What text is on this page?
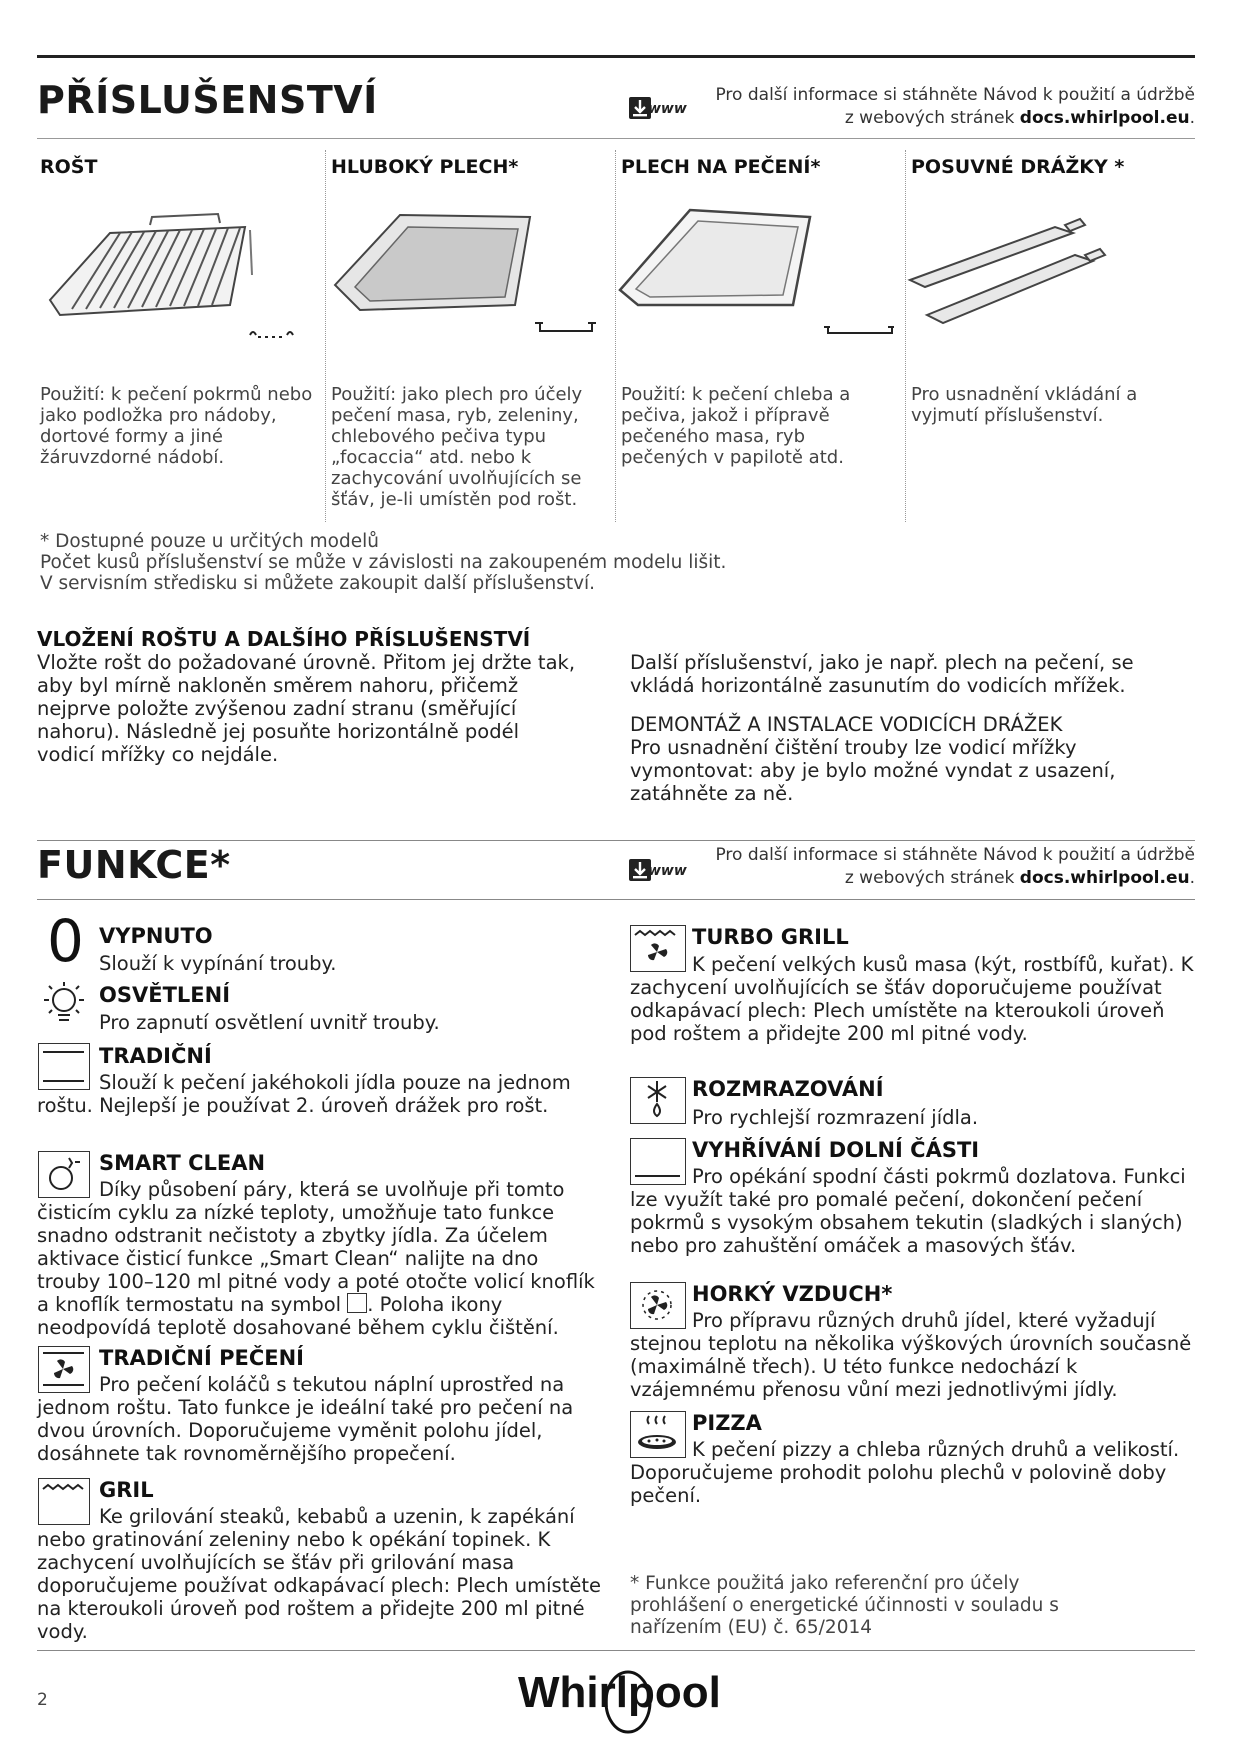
PŘÍSLUŠENSTVÍ	www
Pro další informace si stáhněte Návod k použití a údržbě
z webových stránek docs.whirlpool.eu.
ROŠT	HLUBOKÝ PLECH*	PLECH NA PEČENÍ*	POSUVNÉ DRÁŽKY *
Použití: k pečení pokrmů nebo jako podložka pro nádoby, dortové formy a jiné žáruvzdorné nádobí.
Použití: jako plech pro účely pečení masa, ryb, zeleniny, chlebového pečiva typu „focaccia“ atd. nebo k zachycování uvolňujících se šťáv, je-li umístěn pod rošt.
Použití: k pečení chleba a pečiva, jakož i přípravě pečeného masa, ryb pečených v papilotě atd.
Pro usnadnění vkládání a vyjmutí příslušenství.
* Dostupné pouze u určitých modelů
Počet kusů příslušenství se může v závislosti na zakoupeném modelu lišit.
V servisním středisku si můžete zakoupit další příslušenství.
VLOŽENÍ ROŠTU A DALŠÍHO PŘÍSLUŠENSTVÍ
Vložte rošt do požadované úrovně. Přitom jej držte tak, aby byl mírně nakloněn směrem nahoru, přičemž nejprve položte zvýšenou zadní stranu (směřující nahoru). Následně jej posuňte horizontálně podél vodicí mřížky co nejdále.
Další příslušenství, jako je např. plech na pečení, se vkládá horizontálně zasunutím do vodicích mřížek.
DEMONTÁŽ A INSTALACE VODICÍCH DRÁŽEK
Pro usnadnění čištění trouby lze vodicí mřížky vymontovat: aby je bylo možné vyndat z usazení, zatáhněte za ně.
FUNKCE*	www
Pro další informace si stáhněte Návod k použití a údržbě
z webových stránek docs.whirlpool.eu.
0 VYPNUTO
Slouží k vypínání trouby.
OSVĚTLENÍ
Pro zapnutí osvětlení uvnitř trouby.
TRADIČNÍ
Slouží k pečení jakéhokoli jídla pouze na jednom roštu. Nejlepší je používat 2. úroveň drážek pro rošt.
SMART CLEAN
Díky působení páry, která se uvolňuje při tomto čisticím cyklu za nízké teploty, umožňuje tato funkce snadno odstranit nečistoty a zbytky jídla. Za účelem aktivace čisticí funkce „Smart Clean“ nalijte na dno trouby 100–120 ml pitné vody a poté otočte volicí knoflík a knoflík termostatu na symbol . Poloha ikony neodpovídá teplotě dosahované během cyklu čištění.
TRADIČNÍ PEČENÍ
Pro pečení koláčů s tekutou náplní uprostřed na jednom roštu. Tato funkce je ideální také pro pečení na dvou úrovních. Doporučujeme vyměnit polohu jídel, dosáhnete tak rovnoměrnějšího propečení.
GRIL
Ke grilování steaků, kebabů a uzenin, k zapékání nebo gratinování zeleniny nebo k opékání topinek. K zachycení uvolňujících se šťáv při grilování masa doporučujeme používat odkapávací plech: Plech umístěte na kteroukoli úroveň pod roštem a přidejte 200 ml pitné vody.
TURBO GRILL
K pečení velkých kusů masa (kýt, rostbífů, kuřat). K zachycení uvolňujících se šťáv doporučujeme používat odkapávací plech: Plech umístěte na kteroukoli úroveň pod roštem a přidejte 200 ml pitné vody.
ROZMRAZOVÁNÍ
Pro rychlejší rozmrazení jídla.
VYHŘÍVÁNÍ DOLNÍ ČÁSTI
Pro opékání spodní části pokrmů dozlatova. Funkci lze využít také pro pomalé pečení, dokončení pečení pokrmů s vysokým obsahem tekutin (sladkých i slaných) nebo pro zahuštění omáček a masových šťáv.
HORKÝ VZDUCH*
Pro přípravu různých druhů jídel, které vyžadují stejnou teplotu na několika výškových úrovních současně (maximálně třech). U této funkce nedochází k vzájemnému přenosu vůní mezi jednotlivými jídly.
PIZZA
K pečení pizzy a chleba různých druhů a velikostí. Doporučujeme prohodit polohu plechů v polovině doby pečení.
* Funkce použitá jako referenční pro účely prohlášení o energetické účinnosti v souladu s nařízením (EU) č. 65/2014
2	Whirlpool
